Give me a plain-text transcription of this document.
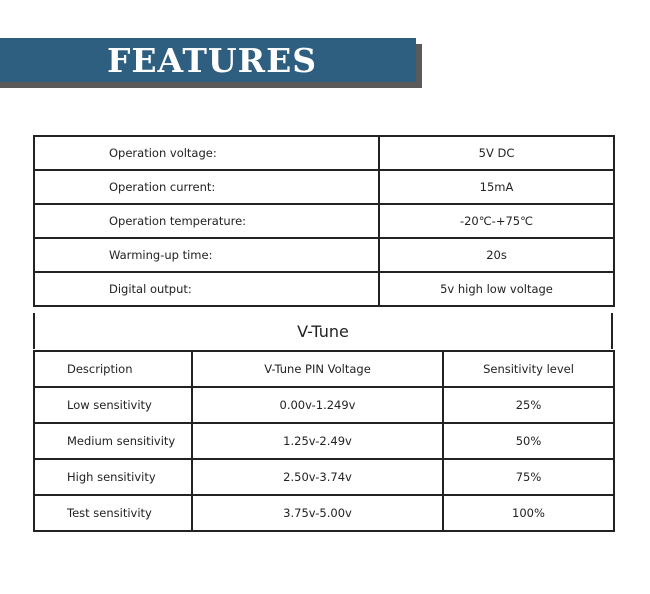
FEATURES
Operation voltage:	5V DC
Operation current:	15mA
Operation temperature:	-20℃-+75℃
Warming-up time:	20s
Digital output:	5v high low voltage
V-Tune
Description	V-Tune PIN Voltage	Sensitivity level
Low sensitivity	0.00v-1.249v	25%
Medium sensitivity	1.25v-2.49v	50%
High sensitivity	2.50v-3.74v	75%
Test sensitivity	3.75v-5.00v	100%
